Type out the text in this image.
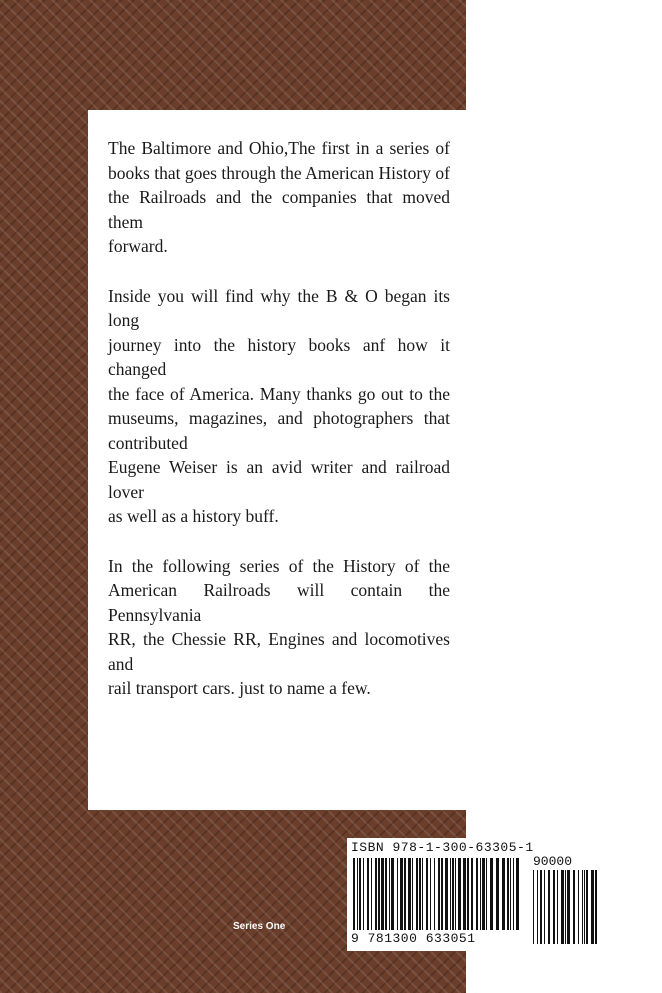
The Baltimore and Ohio,The first in a series of
books that goes through the American History of
the Railroads and the companies that moved them
forward.

Inside you will find why the B & O began its long
journey into the history books anf how it changed
the face of America. Many thanks go out to the
museums, magazines, and photographers that
contributed
Eugene Weiser is an avid writer and railroad lover
as well as a history buff.

In the following series of the History of the
American Railroads will contain the Pennsylvania
RR, the Chessie RR, Engines and locomotives and
rail transport cars. just to name a few.

Series One
ISBN 978-1-300-63305-1
90000
9 781300 633051
